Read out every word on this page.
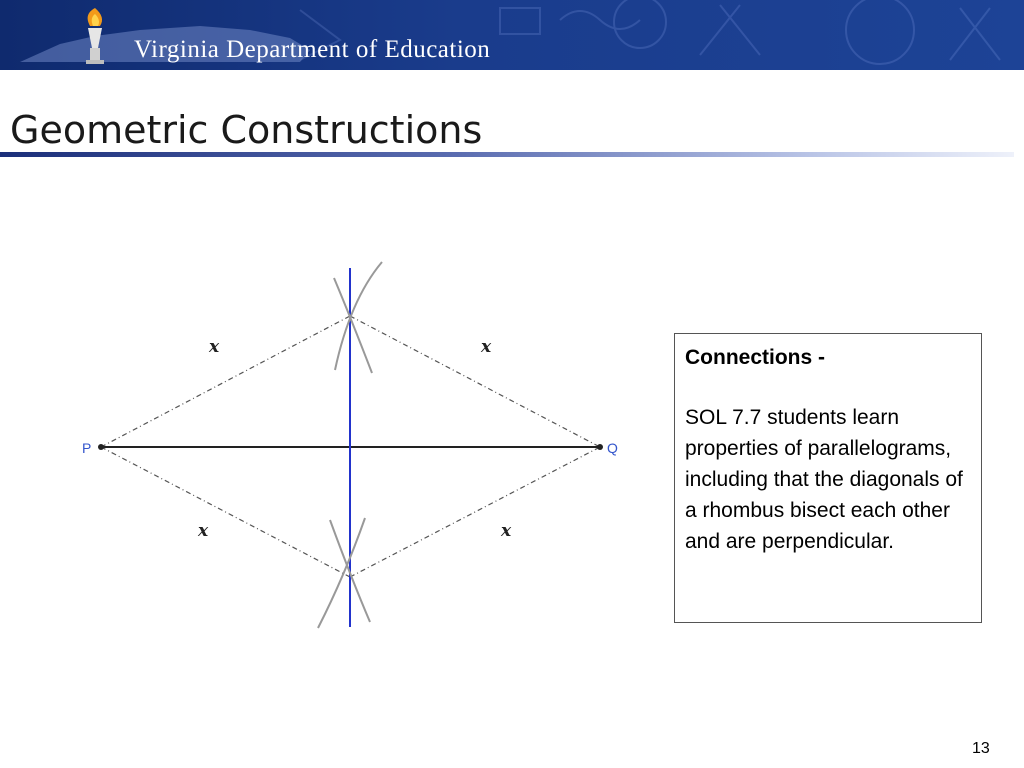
Virginia Department of Education
Geometric Constructions
P	Q
x	x
x	x
Connections -
SOL 7.7 students learn properties of parallelograms, including that the diagonals of a rhombus bisect each other and are perpendicular.
13
